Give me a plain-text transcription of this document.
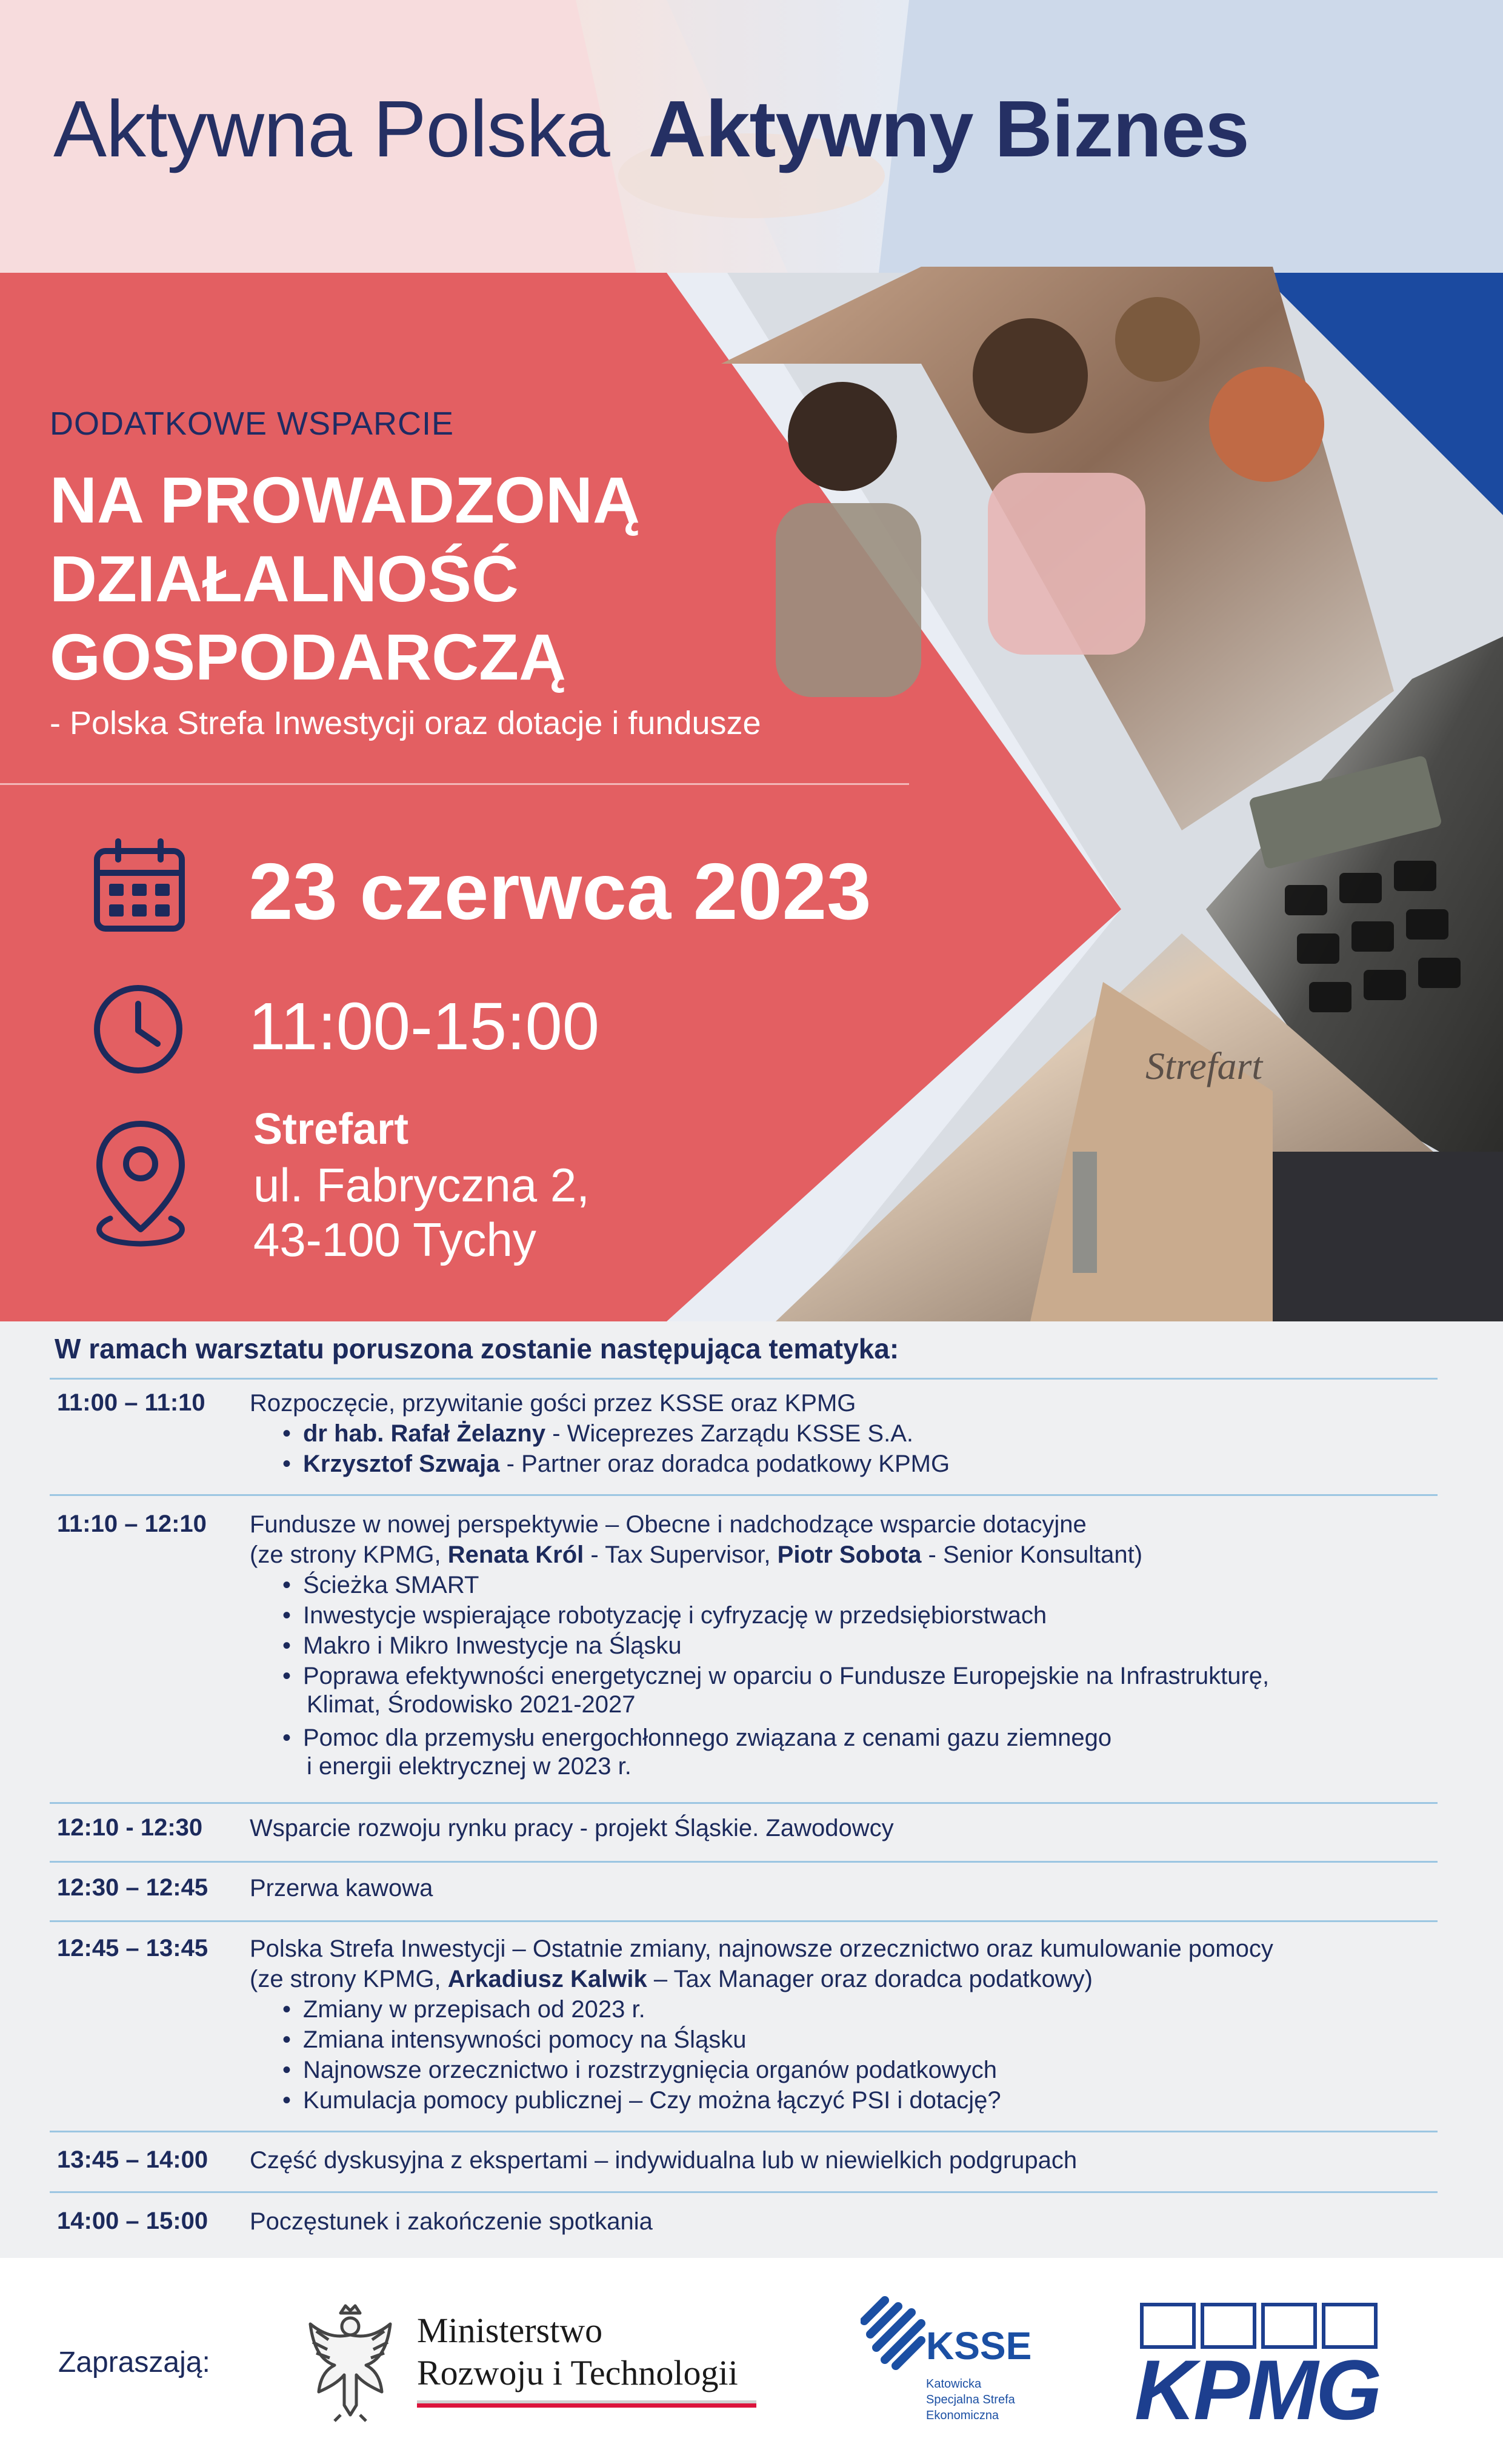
Strefart
Aktywna Polska Aktywny Biznes
DODATKOWE WSPARCIE
NA PROWADZONĄ
DZIAŁALNOŚĆ
GOSPODARCZĄ
- Polska Strefa Inwestycji oraz dotacje i fundusze
23 czerwca 2023
11:00-15:00
Strefart
ul. Fabryczna 2,
43-100 Tychy
W ramach warsztatu poruszona zostanie następująca tematyka:
11:00 – 11:10 Rozpoczęcie, przywitanie gości przez KSSE oraz KPMG
• dr hab. Rafał Żelazny - Wiceprezes Zarządu KSSE S.A.
• Krzysztof Szwaja - Partner oraz doradca podatkowy KPMG
11:10 – 12:10 Fundusze w nowej perspektywie – Obecne i nadchodzące wsparcie dotacyjne
(ze strony KPMG, Renata Król - Tax Supervisor, Piotr Sobota - Senior Konsultant)
• Ścieżka SMART
• Inwestycje wspierające robotyzację i cyfryzację w przedsiębiorstwach
• Makro i Mikro Inwestycje na Śląsku
• Poprawa efektywności energetycznej w oparciu o Fundusze Europejskie na Infrastrukturę,
Klimat, Środowisko 2021-2027
• Pomoc dla przemysłu energochłonnego związana z cenami gazu ziemnego
i energii elektrycznej w 2023 r.
12:10 - 12:30 Wsparcie rozwoju rynku pracy - projekt Śląskie. Zawodowcy
12:30 – 12:45 Przerwa kawowa
12:45 – 13:45 Polska Strefa Inwestycji – Ostatnie zmiany, najnowsze orzecznictwo oraz kumulowanie pomocy
(ze strony KPMG, Arkadiusz Kalwik – Tax Manager oraz doradca podatkowy)
• Zmiany w przepisach od 2023 r.
• Zmiana intensywności pomocy na Śląsku
• Najnowsze orzecznictwo i rozstrzygnięcia organów podatkowych
• Kumulacja pomocy publicznej – Czy można łączyć PSI i dotację?
13:45 – 14:00 Część dyskusyjna z ekspertami – indywidualna lub w niewielkich podgrupach
14:00 – 15:00 Poczęstunek i zakończenie spotkania
Zapraszają:
Ministerstwo
Rozwoju i Technologii
KSSE
Katowicka
Specjalna Strefa
Ekonomiczna KPMG
